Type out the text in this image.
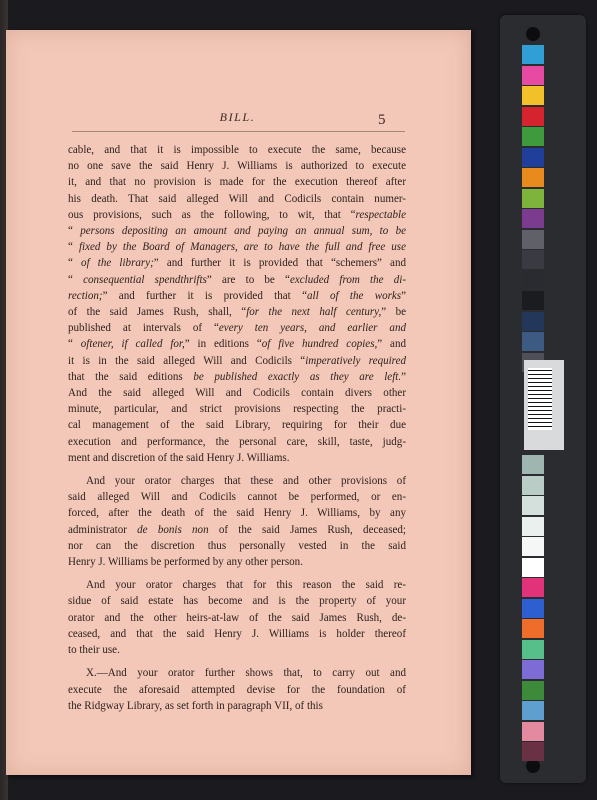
BILL.	5
cable, and that it is impossible to execute the same, because
no one save the said Henry J. Williams is authorized to execute
it, and that no provision is made for the execution thereof after
his death. That said alleged Will and Codicils contain numer-
ous provisions, such as the following, to wit, that “respectable
“ persons depositing an amount and paying an annual sum, to be
“ fixed by the Board of Managers, are to have the full and free use
“ of the library;” and further it is provided that “schemers” and
“ consequential spendthrifts” are to be “excluded from the di-
rection;” and further it is provided that “all of the works”
of the said James Rush, shall, “for the next half century,” be
published at intervals of “every ten years, and earlier and
“ oftener, if called for,” in editions “of five hundred copies,” and
it is in the said alleged Will and Codicils “imperatively required
that the said editions be published exactly as they are left.”
And the said alleged Will and Codicils contain divers other
minute, particular, and strict provisions respecting the practi-
cal management of the said Library, requiring for their due
execution and performance, the personal care, skill, taste, judg-
ment and discretion of the said Henry J. Williams.
And your orator charges that these and other provisions of
said alleged Will and Codicils cannot be performed, or en-
forced, after the death of the said Henry J. Williams, by any
administrator de bonis non of the said James Rush, deceased;
nor can the discretion thus personally vested in the said
Henry J. Williams be performed by any other person.
And your orator charges that for this reason the said re-
sidue of said estate has become and is the property of your
orator and the other heirs-at-law of the said James Rush, de-
ceased, and that the said Henry J. Williams is holder thereof
to their use.
X.—And your orator further shows that, to carry out and
execute the aforesaid attempted devise for the foundation of
the Ridgway Library, as set forth in paragraph VII, of this
